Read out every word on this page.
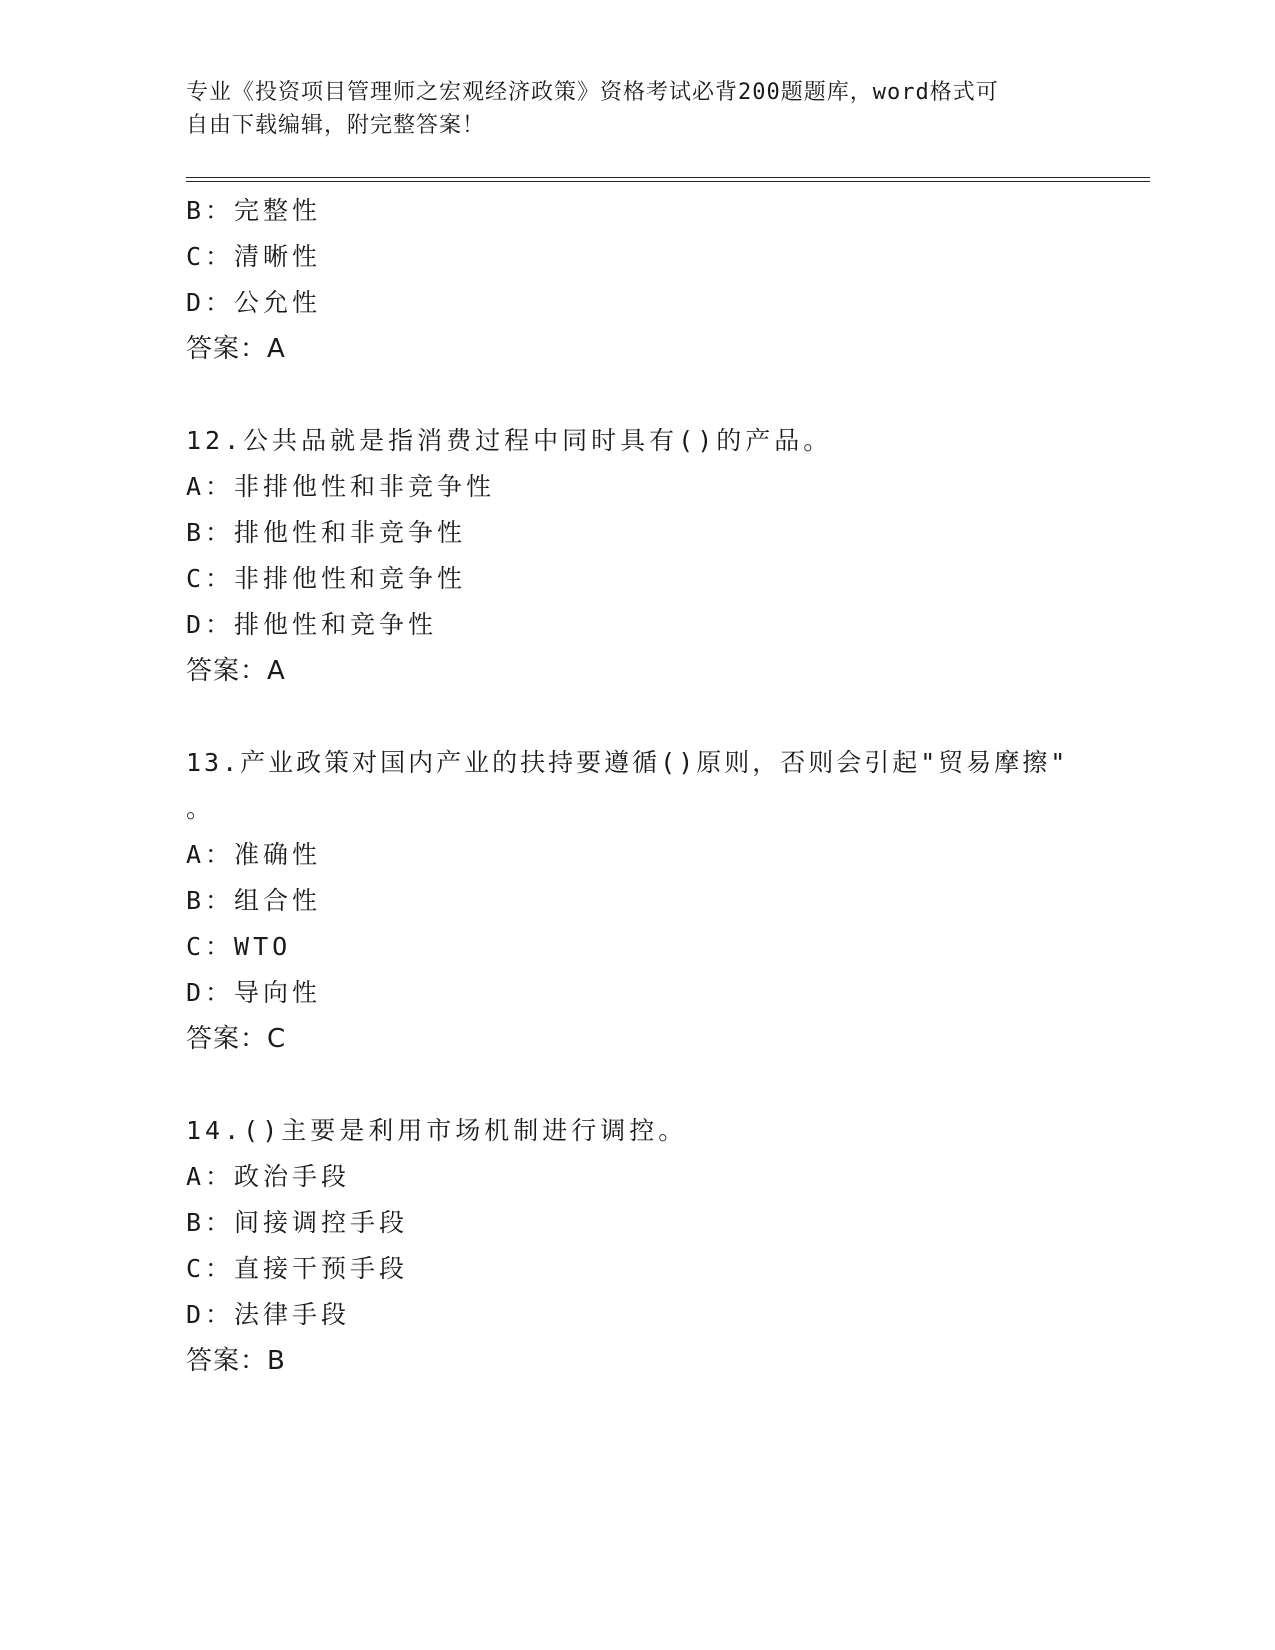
专业《投资项目管理师之宏观经济政策》资格考试必背200题题库，word格式可
自由下载编辑，附完整答案！
B：完整性
C：清晰性
D：公允性
答案：A
12.公共品就是指消费过程中同时具有()的产品。
A：非排他性和非竞争性
B：排他性和非竞争性
C：非排他性和竞争性
D：排他性和竞争性
答案：A
13.产业政策对国内产业的扶持要遵循()原则，否则会引起"贸易摩擦"
。
A：准确性
B：组合性
C：WTO
D：导向性
答案：C
14.()主要是利用市场机制进行调控。
A：政治手段
B：间接调控手段
C：直接干预手段
D：法律手段
答案：B
